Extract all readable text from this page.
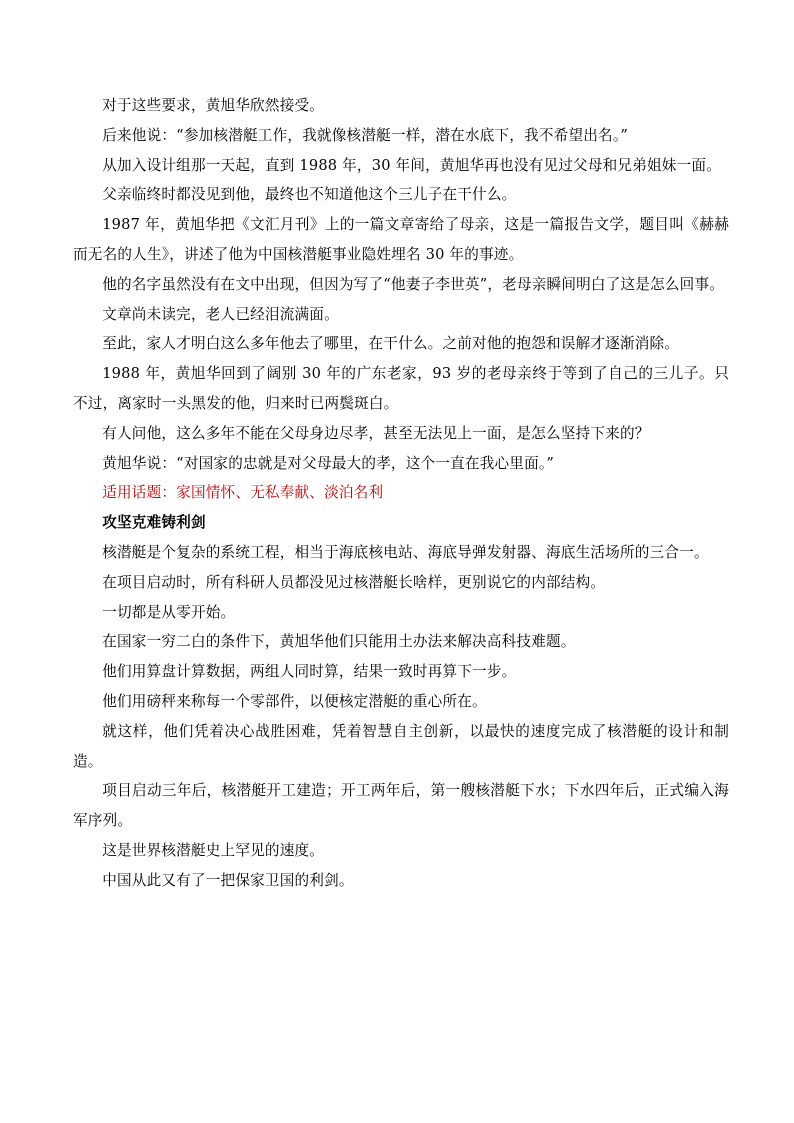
对于这些要求，黄旭华欣然接受。

后来他说：“参加核潜艇工作，我就像核潜艇一样，潜在水底下，我不希望出名。”

从加入设计组那一天起，直到 1988 年，30 年间，黄旭华再也没有见过父母和兄弟姐妹一面。

父亲临终时都没见到他，最终也不知道他这个三儿子在干什么。

1987 年，黄旭华把《文汇月刊》上的一篇文章寄给了母亲，这是一篇报告文学，题目叫《赫赫而无名的人生》，讲述了他为中国核潜艇事业隐姓埋名 30 年的事迹。

他的名字虽然没有在文中出现，但因为写了“他妻子李世英”，老母亲瞬间明白了这是怎么回事。

文章尚未读完，老人已经泪流满面。

至此，家人才明白这么多年他去了哪里，在干什么。之前对他的抱怨和误解才逐渐消除。

1988 年，黄旭华回到了阔别 30 年的广东老家，93 岁的老母亲终于等到了自己的三儿子。只不过，离家时一头黑发的他，归来时已两鬓斑白。

有人问他，这么多年不能在父母身边尽孝，甚至无法见上一面，是怎么坚持下来的？

黄旭华说：“对国家的忠就是对父母最大的孝，这个一直在我心里面。”

适用话题：家国情怀、无私奉献、淡泊名利

攻坚克难铸利剑

核潜艇是个复杂的系统工程，相当于海底核电站、海底导弹发射器、海底生活场所的三合一。

在项目启动时，所有科研人员都没见过核潜艇长啥样，更别说它的内部结构。

一切都是从零开始。

在国家一穷二白的条件下，黄旭华他们只能用土办法来解决高科技难题。

他们用算盘计算数据，两组人同时算，结果一致时再算下一步。

他们用磅秤来称每一个零部件，以便核定潜艇的重心所在。

就这样，他们凭着决心战胜困难，凭着智慧自主创新，以最快的速度完成了核潜艇的设计和制造。

项目启动三年后，核潜艇开工建造；开工两年后，第一艘核潜艇下水；下水四年后，正式编入海军序列。

这是世界核潜艇史上罕见的速度。

中国从此又有了一把保家卫国的利剑。
